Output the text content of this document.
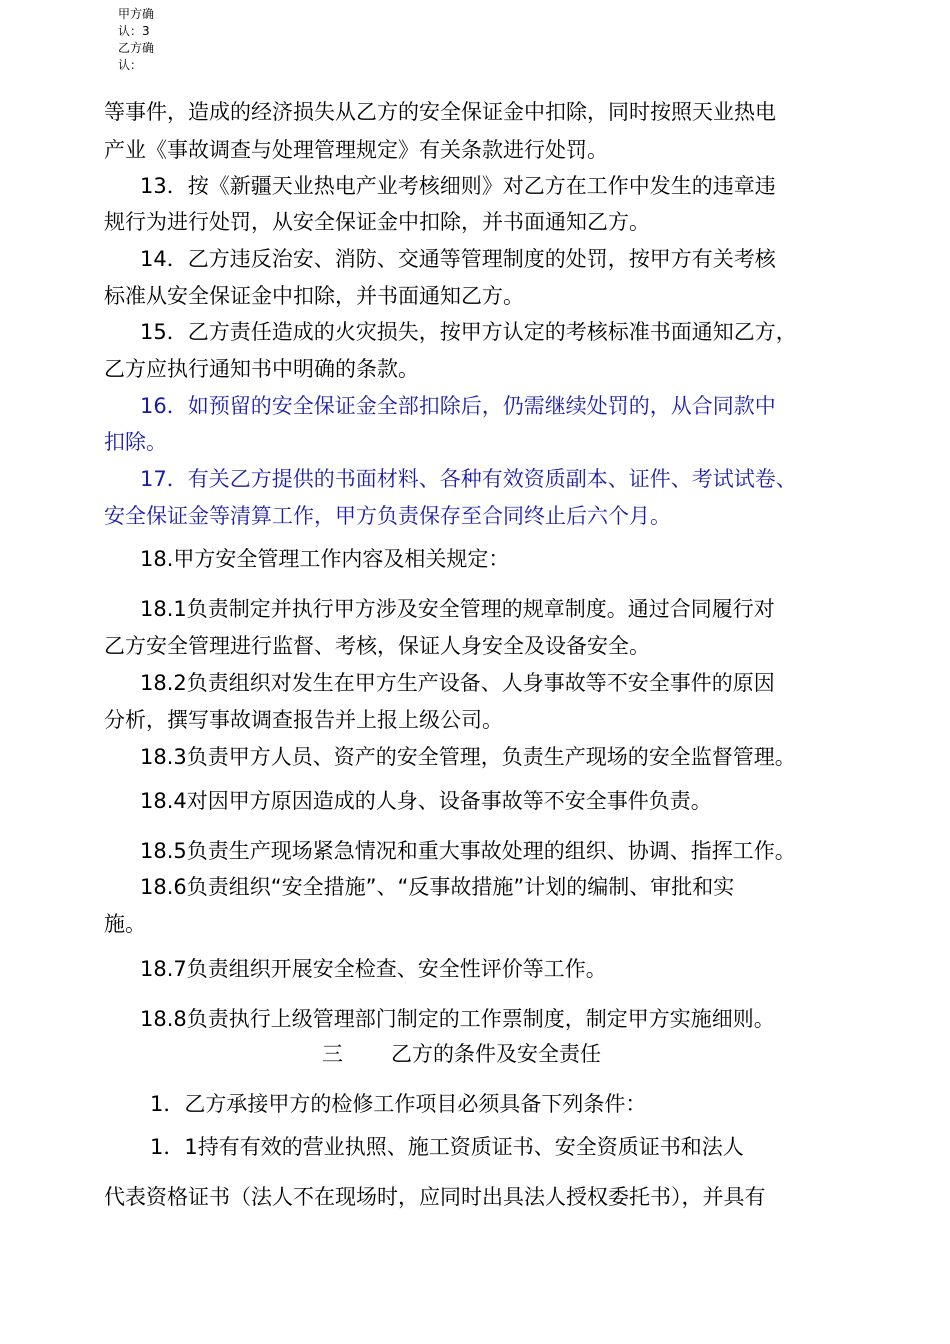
甲方确认：3
乙方确认：
等事件，造成的经济损失从乙方的安全保证金中扣除，同时按照天业热电
产业《事故调查与处理管理规定》有关条款进行处罚。
13．按《新疆天业热电产业考核细则》对乙方在工作中发生的违章违
规行为进行处罚，从安全保证金中扣除，并书面通知乙方。
14．乙方违反治安、消防、交通等管理制度的处罚，按甲方有关考核
标准从安全保证金中扣除，并书面通知乙方。
15．乙方责任造成的火灾损失，按甲方认定的考核标准书面通知乙方，
乙方应执行通知书中明确的条款。
16．如预留的安全保证金全部扣除后，仍需继续处罚的，从合同款中
扣除。
17．有关乙方提供的书面材料、各种有效资质副本、证件、考试试卷、
安全保证金等清算工作，甲方负责保存至合同终止后六个月。
18.甲方安全管理工作内容及相关规定：
18.1负责制定并执行甲方涉及安全管理的规章制度。通过合同履行对
乙方安全管理进行监督、考核，保证人身安全及设备安全。
18.2负责组织对发生在甲方生产设备、人身事故等不安全事件的原因
分析，撰写事故调查报告并上报上级公司。
18.3负责甲方人员、资产的安全管理，负责生产现场的安全监督管理。
18.4对因甲方原因造成的人身、设备事故等不安全事件负责。
18.5负责生产现场紧急情况和重大事故处理的组织、协调、指挥工作。
18.6负责组织“安全措施”、“反事故措施”计划的编制、审批和实
施。
18.7负责组织开展安全检查、安全性评价等工作。
18.8负责执行上级管理部门制定的工作票制度，制定甲方实施细则。
三 乙方的条件及安全责任
1．乙方承接甲方的检修工作项目必须具备下列条件：
1．1持有有效的营业执照、施工资质证书、安全资质证书和法人
代表资格证书（法人不在现场时，应同时出具法人授权委托书），并具有
